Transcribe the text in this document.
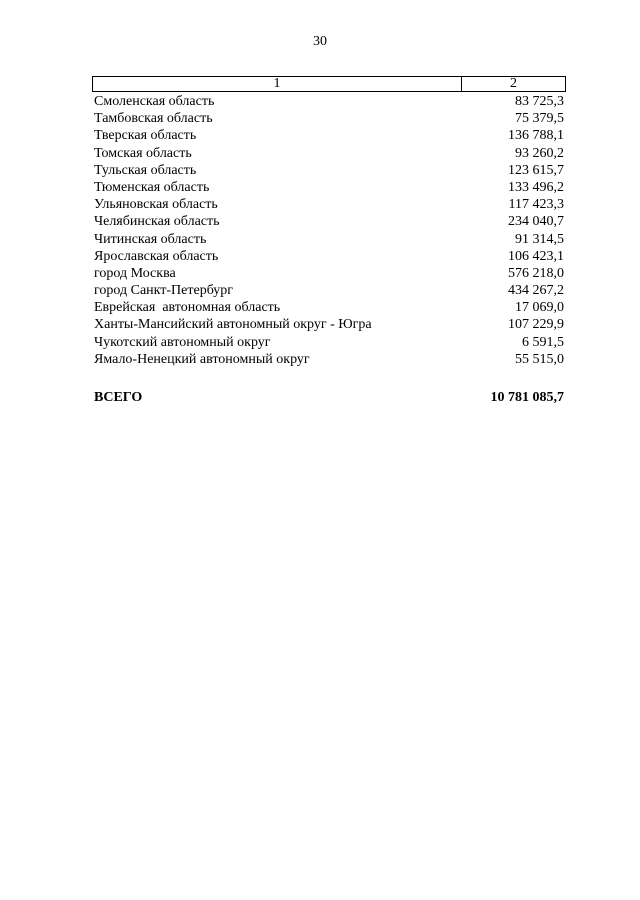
30
1	2
Смоленская область	83 725,3
Тамбовская область	75 379,5
Тверская область	136 788,1
Томская область	93 260,2
Тульская область	123 615,7
Тюменская область	133 496,2
Ульяновская область	117 423,3
Челябинская область	234 040,7
Читинская область	91 314,5
Ярославская область	106 423,1
город Москва	576 218,0
город Санкт-Петербург	434 267,2
Еврейская  автономная область	17 069,0
Ханты-Мансийский автономный округ - Югра	107 229,9
Чукотский автономный округ	6 591,5
Ямало-Ненецкий автономный округ	55 515,0
ВСЕГО	10 781 085,7
